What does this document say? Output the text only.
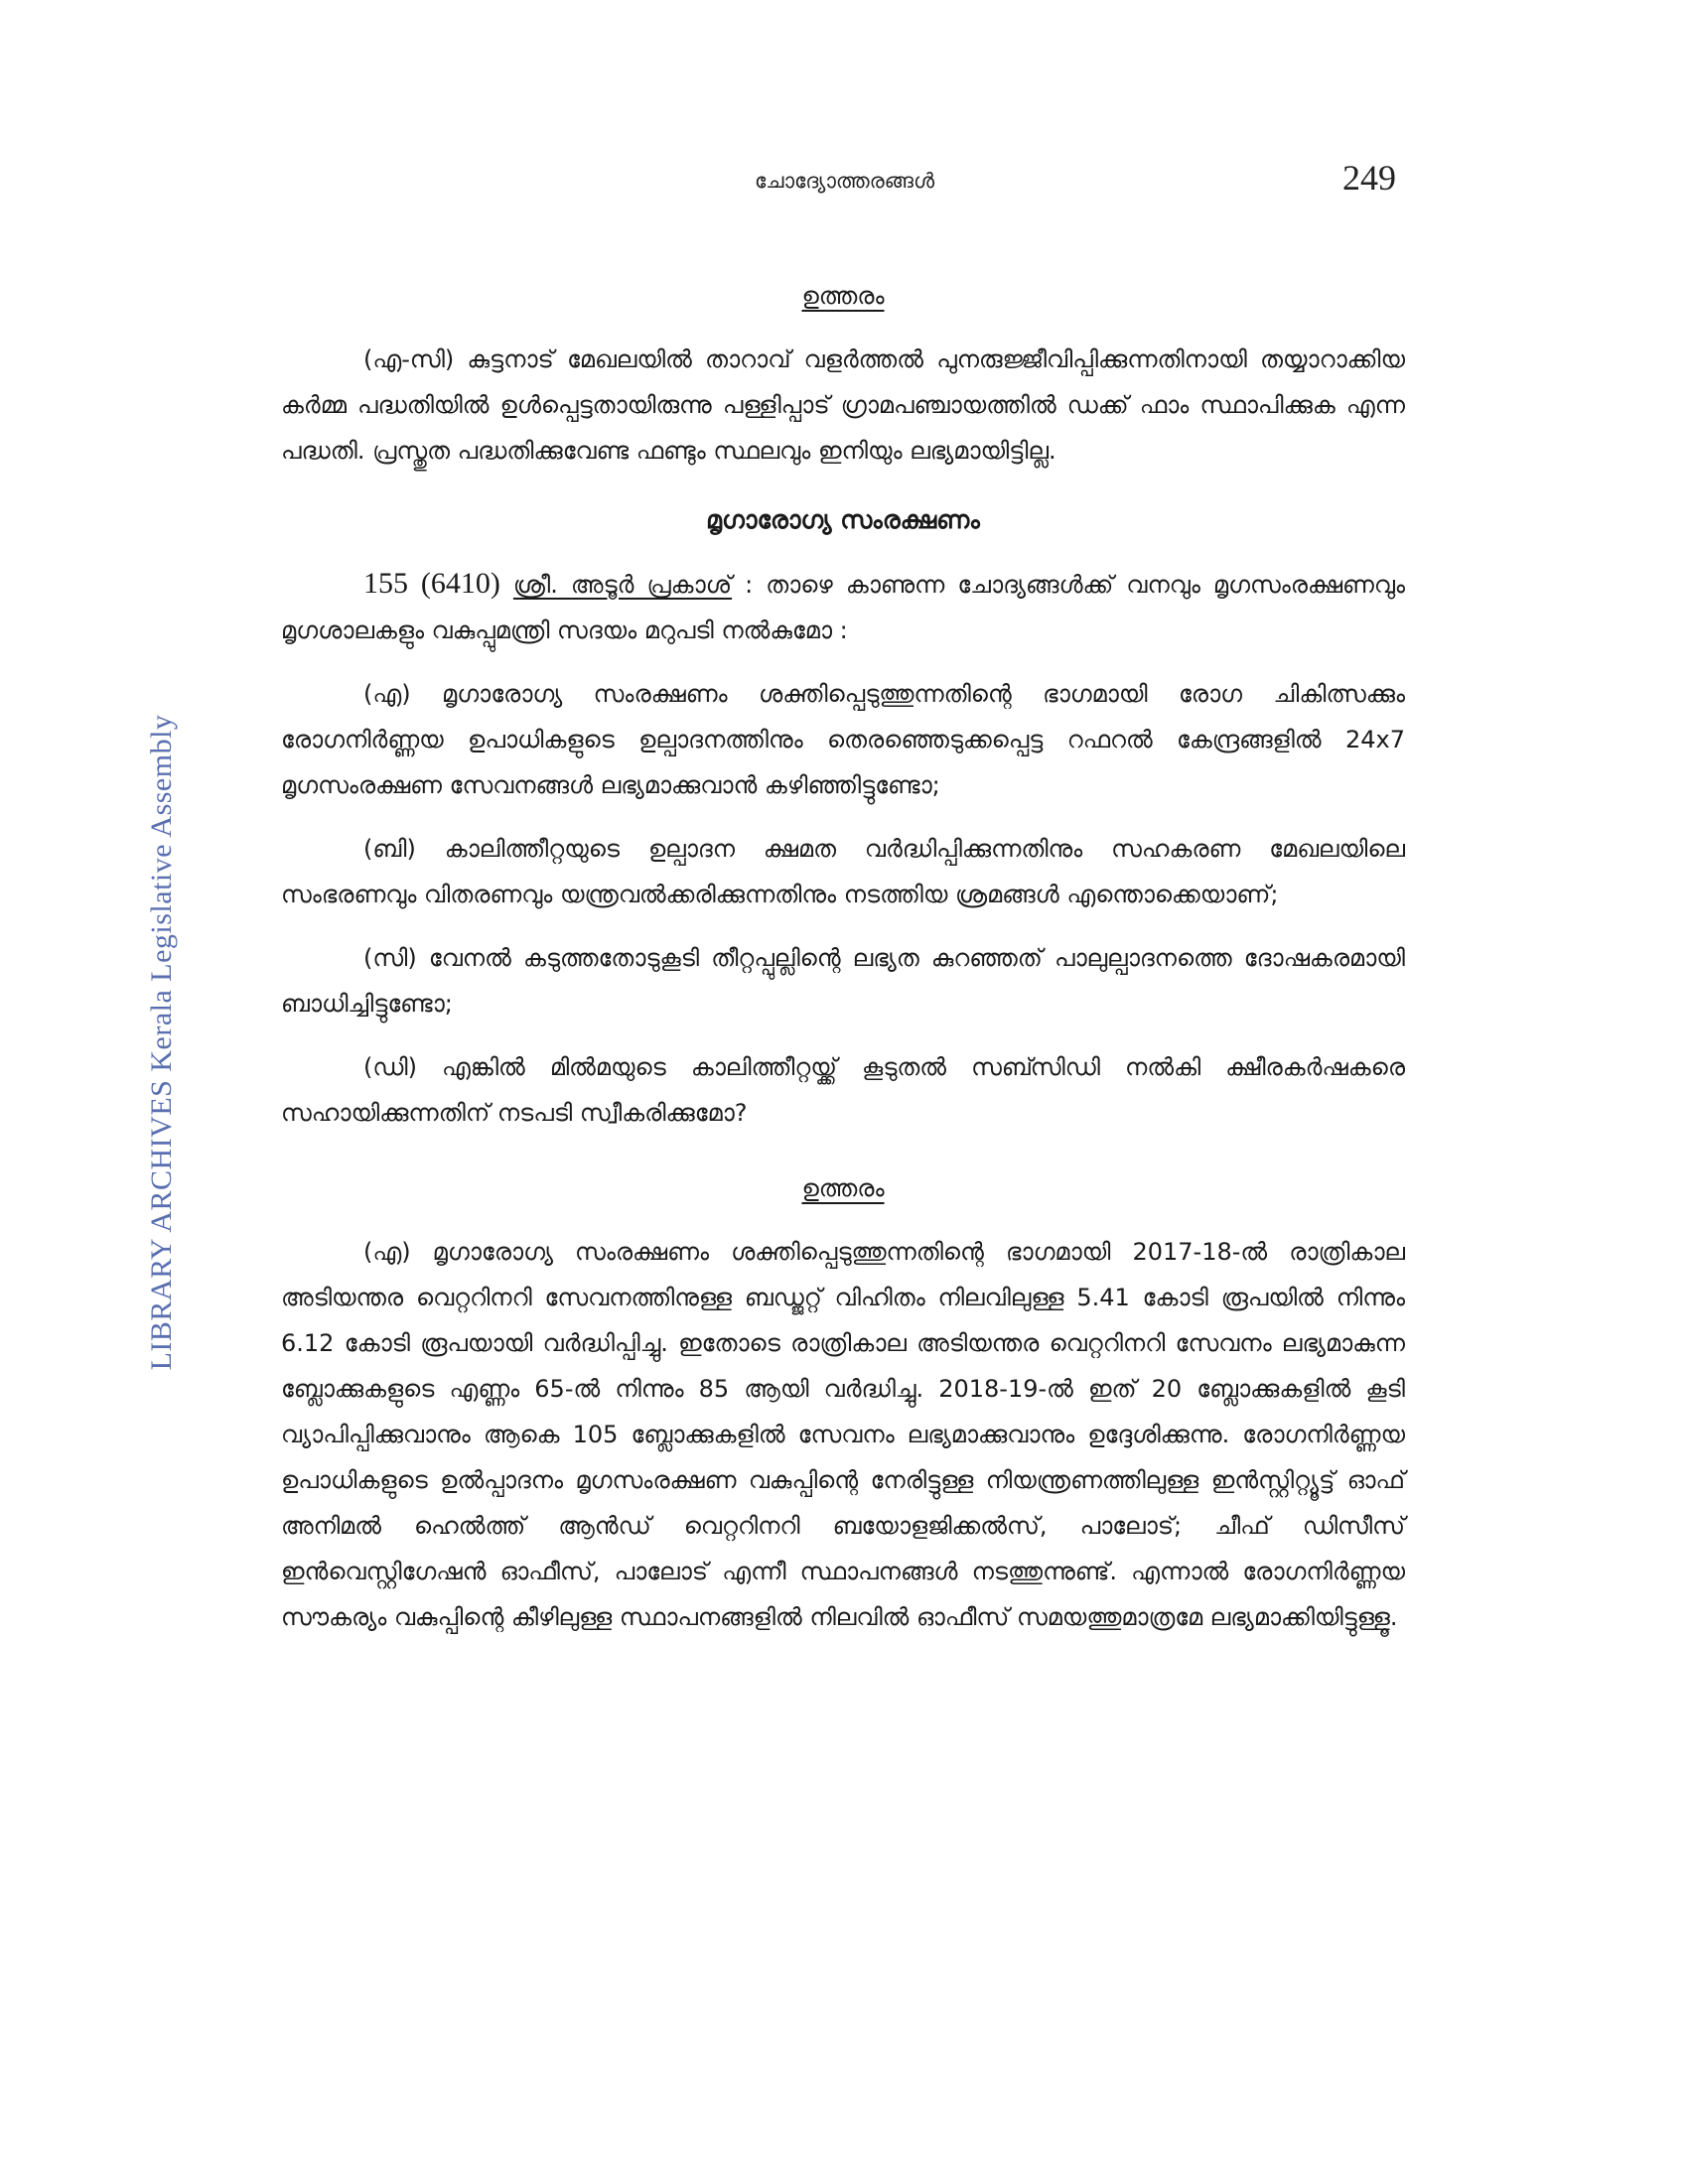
ചോദ്യോത്തരങ്ങൾ	249
LIBRARY ARCHIVES Kerala Legislative Assembly
ഉത്തരം

(എ-സി) കുട്ടനാട് മേഖലയിൽ താറാവ് വളർത്തൽ പുനരുജ്ജീവിപ്പിക്കുന്നതിനായി തയ്യാറാക്കിയ കർമ്മ പദ്ധതിയിൽ ഉൾപ്പെട്ടതായിരുന്നു പള്ളിപ്പാട് ഗ്രാമപഞ്ചായത്തിൽ ഡക്ക് ഫാം സ്ഥാപിക്കുക എന്ന പദ്ധതി. പ്രസ്തുത പദ്ധതിക്കുവേണ്ട ഫണ്ടും സ്ഥലവും ഇനിയും ലഭ്യമായിട്ടില്ല.

മൃഗാരോഗ്യ സംരക്ഷണം

155 (6410) ശ്രീ. അടൂർ പ്രകാശ് : താഴെ കാണുന്ന ചോദ്യങ്ങൾക്ക് വനവും മൃഗസംരക്ഷണവും മൃഗശാലകളും വകുപ്പുമന്ത്രി സദയം മറുപടി നൽകുമോ :

(എ) മൃഗാരോഗ്യ സംരക്ഷണം ശക്തിപ്പെടുത്തുന്നതിന്റെ ഭാഗമായി രോഗ ചികിത്സക്കും രോഗനിർണ്ണയ ഉപാധികളുടെ ഉല്പാദനത്തിനും തെരഞ്ഞെടുക്കപ്പെട്ട റഫറൽ കേന്ദ്രങ്ങളിൽ 24x7 മൃഗസംരക്ഷണ സേവനങ്ങൾ ലഭ്യമാക്കുവാൻ കഴിഞ്ഞിട്ടുണ്ടോ;

(ബി) കാലിത്തീറ്റയുടെ ഉല്പാദന ക്ഷമത വർദ്ധിപ്പിക്കുന്നതിനും സഹകരണ മേഖലയിലെ സംഭരണവും വിതരണവും യന്ത്രവൽക്കരിക്കുന്നതിനും നടത്തിയ ശ്രമങ്ങൾ എന്തൊക്കെയാണ്;

(സി) വേനൽ കടുത്തതോടുകൂടി തീറ്റപ്പുല്ലിന്റെ ലഭ്യത കുറഞ്ഞത് പാലുല്പാദനത്തെ ദോഷകരമായി ബാധിച്ചിട്ടുണ്ടോ;

(ഡി) എങ്കിൽ മിൽമയുടെ കാലിത്തീറ്റയ്ക്ക് കൂടുതൽ സബ്സിഡി നൽകി ക്ഷീരകർഷകരെ സഹായിക്കുന്നതിന് നടപടി സ്വീകരിക്കുമോ?

ഉത്തരം

(എ) മൃഗാരോഗ്യ സംരക്ഷണം ശക്തിപ്പെടുത്തുന്നതിന്റെ ഭാഗമായി 2017-18-ൽ രാത്രികാല അടിയന്തര വെറ്ററിനറി സേവനത്തിനുള്ള ബഡ്ജറ്റ് വിഹിതം നിലവിലുള്ള 5.41 കോടി രൂപയിൽ നിന്നും 6.12 കോടി രൂപയായി വർദ്ധിപ്പിച്ചു. ഇതോടെ രാത്രികാല അടിയന്തര വെറ്ററിനറി സേവനം ലഭ്യമാകുന്ന ബ്ലോക്കുകളുടെ എണ്ണം 65-ൽ നിന്നും 85 ആയി വർദ്ധിച്ചു. 2018-19-ൽ ഇത് 20 ബ്ലോക്കുകളിൽ കൂടി വ്യാപിപ്പിക്കുവാനും ആകെ 105 ബ്ലോക്കുകളിൽ സേവനം ലഭ്യമാക്കുവാനും ഉദ്ദേശിക്കുന്നു. രോഗനിർണ്ണയ ഉപാധികളുടെ ഉൽപ്പാദനം മൃഗസംരക്ഷണ വകുപ്പിന്റെ നേരിട്ടുള്ള നിയന്ത്രണത്തിലുള്ള ഇൻസ്റ്റിറ്റ്യൂട്ട് ഓഫ് അനിമൽ ഹെൽത്ത് ആൻഡ് വെറ്ററിനറി ബയോളജിക്കൽസ്, പാലോട്; ചീഫ് ഡിസീസ് ഇൻവെസ്റ്റിഗേഷൻ ഓഫീസ്, പാലോട് എന്നീ സ്ഥാപനങ്ങൾ നടത്തുന്നുണ്ട്. എന്നാൽ രോഗനിർണ്ണയ സൗകര്യം വകുപ്പിന്റെ കീഴിലുള്ള സ്ഥാപനങ്ങളിൽ നിലവിൽ ഓഫീസ് സമയത്തുമാത്രമേ ലഭ്യമാക്കിയിട്ടുള്ളൂ.
